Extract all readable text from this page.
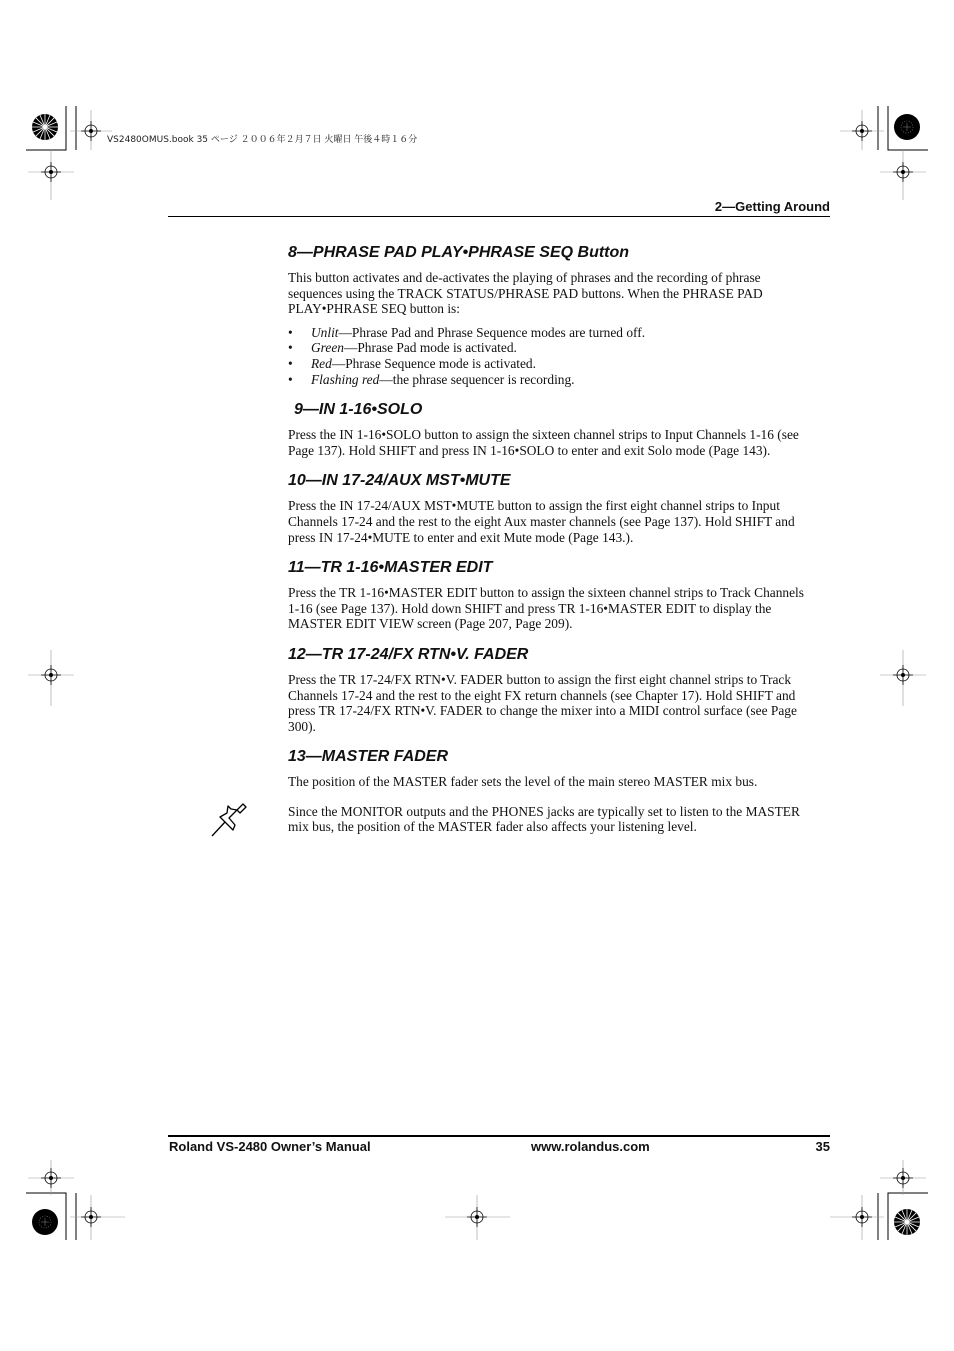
VS2480OMUS.book 35 ページ ２００６年２月７日 火曜日 午後４時１６分
2—Getting Around
8—PHRASE PAD PLAY•PHRASE SEQ Button

This button activates and de-activates the playing of phrases and the recording of phrase sequences using the TRACK STATUS/PHRASE PAD buttons. When the PHRASE PAD PLAY•PHRASE SEQ button is:

• Unlit—Phrase Pad and Phrase Sequence modes are turned off.
• Green—Phrase Pad mode is activated.
• Red—Phrase Sequence mode is activated.
• Flashing red—the phrase sequencer is recording.
9—IN 1-16•SOLO

Press the IN 1-16•SOLO button to assign the sixteen channel strips to Input Channels 1-16 (see Page 137). Hold SHIFT and press IN 1-16•SOLO to enter and exit Solo mode (Page 143).

10—IN 17-24/AUX MST•MUTE

Press the IN 17-24/AUX MST•MUTE button to assign the first eight channel strips to Input Channels 17-24 and the rest to the eight Aux master channels (see Page 137). Hold SHIFT and press IN 17-24•MUTE to enter and exit Mute mode (Page 143.).

11—TR 1-16•MASTER EDIT

Press the TR 1-16•MASTER EDIT button to assign the sixteen channel strips to Track Channels 1-16 (see Page 137). Hold down SHIFT and press TR 1-16•MASTER EDIT to display the MASTER EDIT VIEW screen (Page 207, Page 209).

12—TR 17-24/FX RTN•V. FADER

Press the TR 17-24/FX RTN•V. FADER button to assign the first eight channel strips to Track Channels 17-24 and the rest to the eight FX return channels (see Chapter 17). Hold SHIFT and press TR 17-24/FX RTN•V. FADER to change the mixer into a MIDI control surface (see Page 300).

13—MASTER FADER

The position of the MASTER fader sets the level of the main stereo MASTER mix bus.

Since the MONITOR outputs and the PHONES jacks are typically set to listen to the MASTER mix bus, the position of the MASTER fader also affects your listening level.

Roland VS-2480 Owner’s Manual	www.rolandus.com	35
